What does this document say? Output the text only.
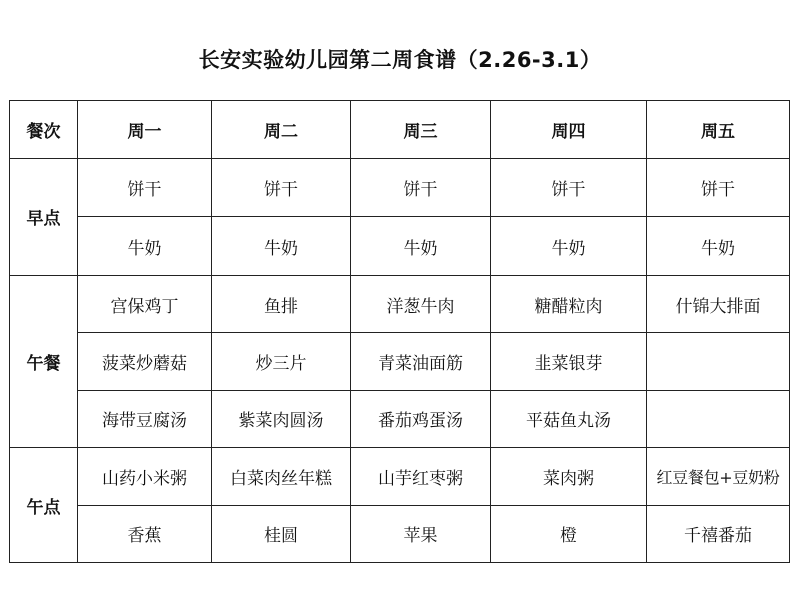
长安实验幼儿园第二周食谱（2.26-3.1）
餐次	周一	周二	周三	周四	周五
早点	饼干	饼干	饼干	饼干	饼干
	牛奶	牛奶	牛奶	牛奶	牛奶
午餐	宫保鸡丁	鱼排	洋葱牛肉	糖醋粒肉	什锦大排面
	菠菜炒蘑菇	炒三片	青菜油面筋	韭菜银芽	
	海带豆腐汤	紫菜肉圆汤	番茄鸡蛋汤	平菇鱼丸汤	
午点	山药小米粥	白菜肉丝年糕	山芋红枣粥	菜肉粥	红豆餐包+豆奶粉
	香蕉	桂圆	苹果	橙	千禧番茄
